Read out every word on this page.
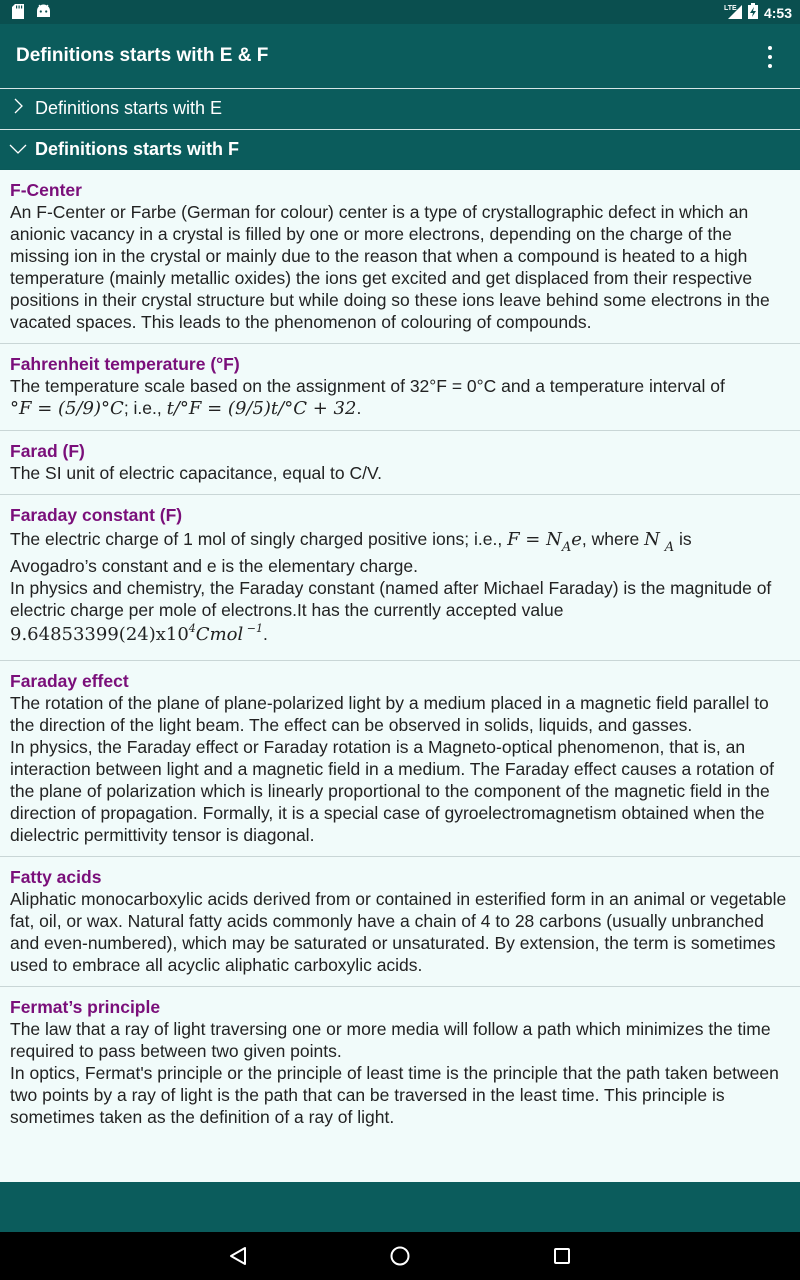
LTE 4:53
Definitions starts with E & F
Definitions starts with E
Definitions starts with F
F-Center
An F-Center or Farbe (German for colour) center is a type of crystallographic defect in which an anionic vacancy in a crystal is filled by one or more electrons, depending on the charge of the missing ion in the crystal or mainly due to the reason that when a compound is heated to a high temperature (mainly metallic oxides) the ions get excited and get displaced from their respective positions in their crystal structure but while doing so these ions leave behind some electrons in the vacated spaces. This leads to the phenomenon of colouring of compounds.
Fahrenheit temperature (°F)

The temperature scale based on the assignment of 32°F = 0°C and a temperature interval of

°F = (5/9)°C; i.e., t/°F = (9/5)t/°C + 32.

Farad (F)
The SI unit of electric capacitance, equal to C/V.
Faraday constant (F)

The electric charge of 1 mol of singly charged positive ions; i.e., $F = N_Ae$, where N $_A$ is

Avogadro’s constant and e is the elementary charge.

In physics and chemistry, the Faraday constant (named after Michael Faraday) is the magnitude of electric charge per mole of electrons.It has the currently accepted value

$9.64853399(24)x10^4Cmol$ $^{-1}$.

Faraday effect

The rotation of the plane of plane-polarized light by a medium placed in a magnetic field parallel to the direction of the light beam. The effect can be observed in solids, liquids, and gasses.

In physics, the Faraday effect or Faraday rotation is a Magneto-optical phenomenon, that is, an interaction between light and a magnetic field in a medium. The Faraday effect causes a rotation of the plane of polarization which is linearly proportional to the component of the magnetic field in the direction of propagation. Formally, it is a special case of gyroelectromagnetism obtained when the dielectric permittivity tensor is diagonal.

Fatty acids
Aliphatic monocarboxylic acids derived from or contained in esterified form in an animal or vegetable fat, oil, or wax. Natural fatty acids commonly have a chain of 4 to 28 carbons (usually unbranched and even-numbered), which may be saturated or unsaturated. By extension, the term is sometimes used to embrace all acyclic aliphatic carboxylic acids.
Fermat’s principle

The law that a ray of light traversing one or more media will follow a path which minimizes the time required to pass between two given points.

In optics, Fermat's principle or the principle of least time is the principle that the path taken between two points by a ray of light is the path that can be traversed in the least time. This principle is sometimes taken as the definition of a ray of light.
